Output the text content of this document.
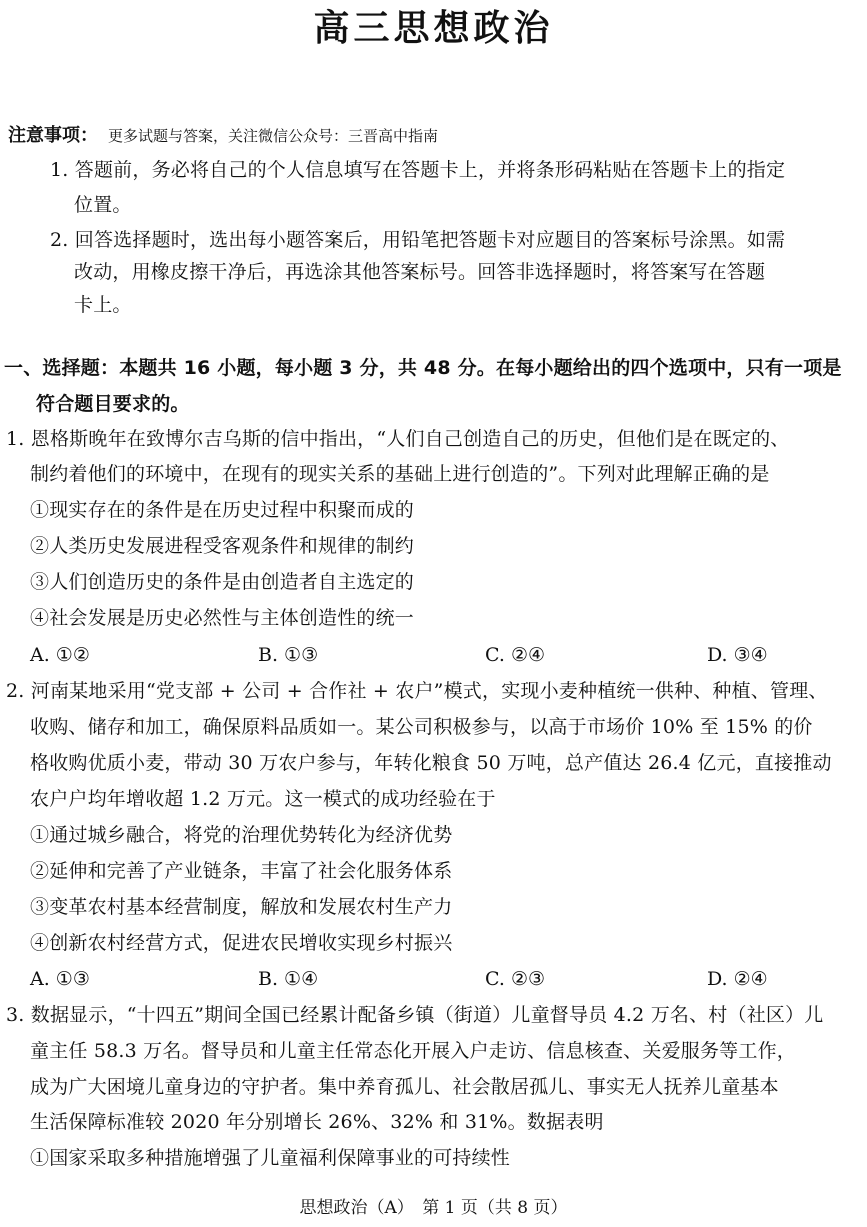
高三思想政治
注意事项： 更多试题与答案，关注微信公众号：三晋高中指南
1. 答题前，务必将自己的个人信息填写在答题卡上，并将条形码粘贴在答题卡上的指定
位置。
2. 回答选择题时，选出每小题答案后，用铅笔把答题卡对应题目的答案标号涂黑。如需
改动，用橡皮擦干净后，再选涂其他答案标号。回答非选择题时，将答案写在答题
卡上。
一、选择题：本题共 16 小题，每小题 3 分，共 48 分。在每小题给出的四个选项中，只有一项是
符合题目要求的。
1. 恩格斯晚年在致博尔吉乌斯的信中指出，“人们自己创造自己的历史，但他们是在既定的、
制约着他们的环境中，在现有的现实关系的基础上进行创造的”。下列对此理解正确的是
①现实存在的条件是在历史过程中积聚而成的
②人类历史发展进程受客观条件和规律的制约
③人们创造历史的条件是由创造者自主选定的
④社会发展是历史必然性与主体创造性的统一
A. ①②	B. ①③	C. ②④	D. ③④
2. 河南某地采用“党支部 + 公司 + 合作社 + 农户”模式，实现小麦种植统一供种、种植、管理、
收购、储存和加工，确保原料品质如一。某公司积极参与，以高于市场价 10% 至 15% 的价
格收购优质小麦，带动 30 万农户参与，年转化粮食 50 万吨，总产值达 26.4 亿元，直接推动
农户户均年增收超 1.2 万元。这一模式的成功经验在于
①通过城乡融合，将党的治理优势转化为经济优势
②延伸和完善了产业链条，丰富了社会化服务体系
③变革农村基本经营制度，解放和发展农村生产力
④创新农村经营方式，促进农民增收实现乡村振兴
A. ①③	B. ①④	C. ②③	D. ②④
3. 数据显示，“十四五”期间全国已经累计配备乡镇（街道）儿童督导员 4.2 万名、村（社区）儿
童主任 58.3 万名。督导员和儿童主任常态化开展入户走访、信息核查、关爱服务等工作，
成为广大困境儿童身边的守护者。集中养育孤儿、社会散居孤儿、事实无人抚养儿童基本
生活保障标准较 2020 年分别增长 26%、32% 和 31%。数据表明
①国家采取多种措施增强了儿童福利保障事业的可持续性
思想政治（A）　第 1 页（共 8 页）
